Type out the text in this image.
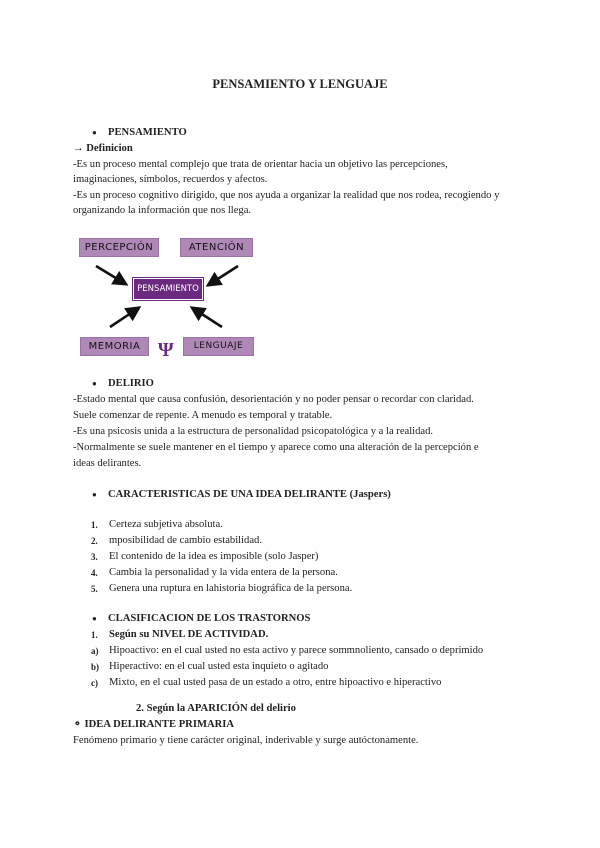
PENSAMIENTO Y LENGUAJE
● PENSAMIENTO
→ Definicion
-Es un proceso mental complejo que trata de orientar hacia un objetivo las percepciones,
imaginaciones, símbolos, recuerdos y afectos.
-Es un proceso cognitivo dirigido, que nos ayuda a organizar la realidad que nos rodea, recogiendo y
organizando la información que nos llega.
PERCEPCIÓN	ATENCIÓN
PENSAMIENTO
MEMORIA	LENGUAJE
Ψ
● DELIRIO
-Estado mental que causa confusión, desorientación y no poder pensar o recordar con claridad.
Suele comenzar de repente. A menudo es temporal y tratable.
-Es una psicosis unida a la estructura de personalidad psicopatológica y a la realidad.
-Normalmente se suele mantener en el tiempo y aparece como una alteración de la percepción e
ideas delirantes.
● CARACTERISTICAS DE UNA IDEA DELIRANTE (Jaspers)
1. Certeza subjetiva absoluta.
2. mposibilidad de cambio estabilidad.
3. El contenido de la idea es imposible (solo Jasper)
4. Cambia la personalidad y la vida entera de la persona.
5. Genera una ruptura en lahistoria biográfica de la persona.
● CLASIFICACION DE LOS TRASTORNOS
1. Según su NIVEL DE ACTIVIDAD.
a) Hipoactivo: en el cual usted no esta activo y parece sommnoliento, cansado o deprimido
b) Hiperactivo: en el cual usted esta inquieto o agitado
c) Mixto, en el cual usted pasa de un estado a otro, entre hipoactivo e hiperactivo
2. Según la APARICIÓN del delirio
⚬ IDEA DELIRANTE PRIMARIA
Fenómeno primario y tiene carácter original, inderivable y surge autóctonamente.
